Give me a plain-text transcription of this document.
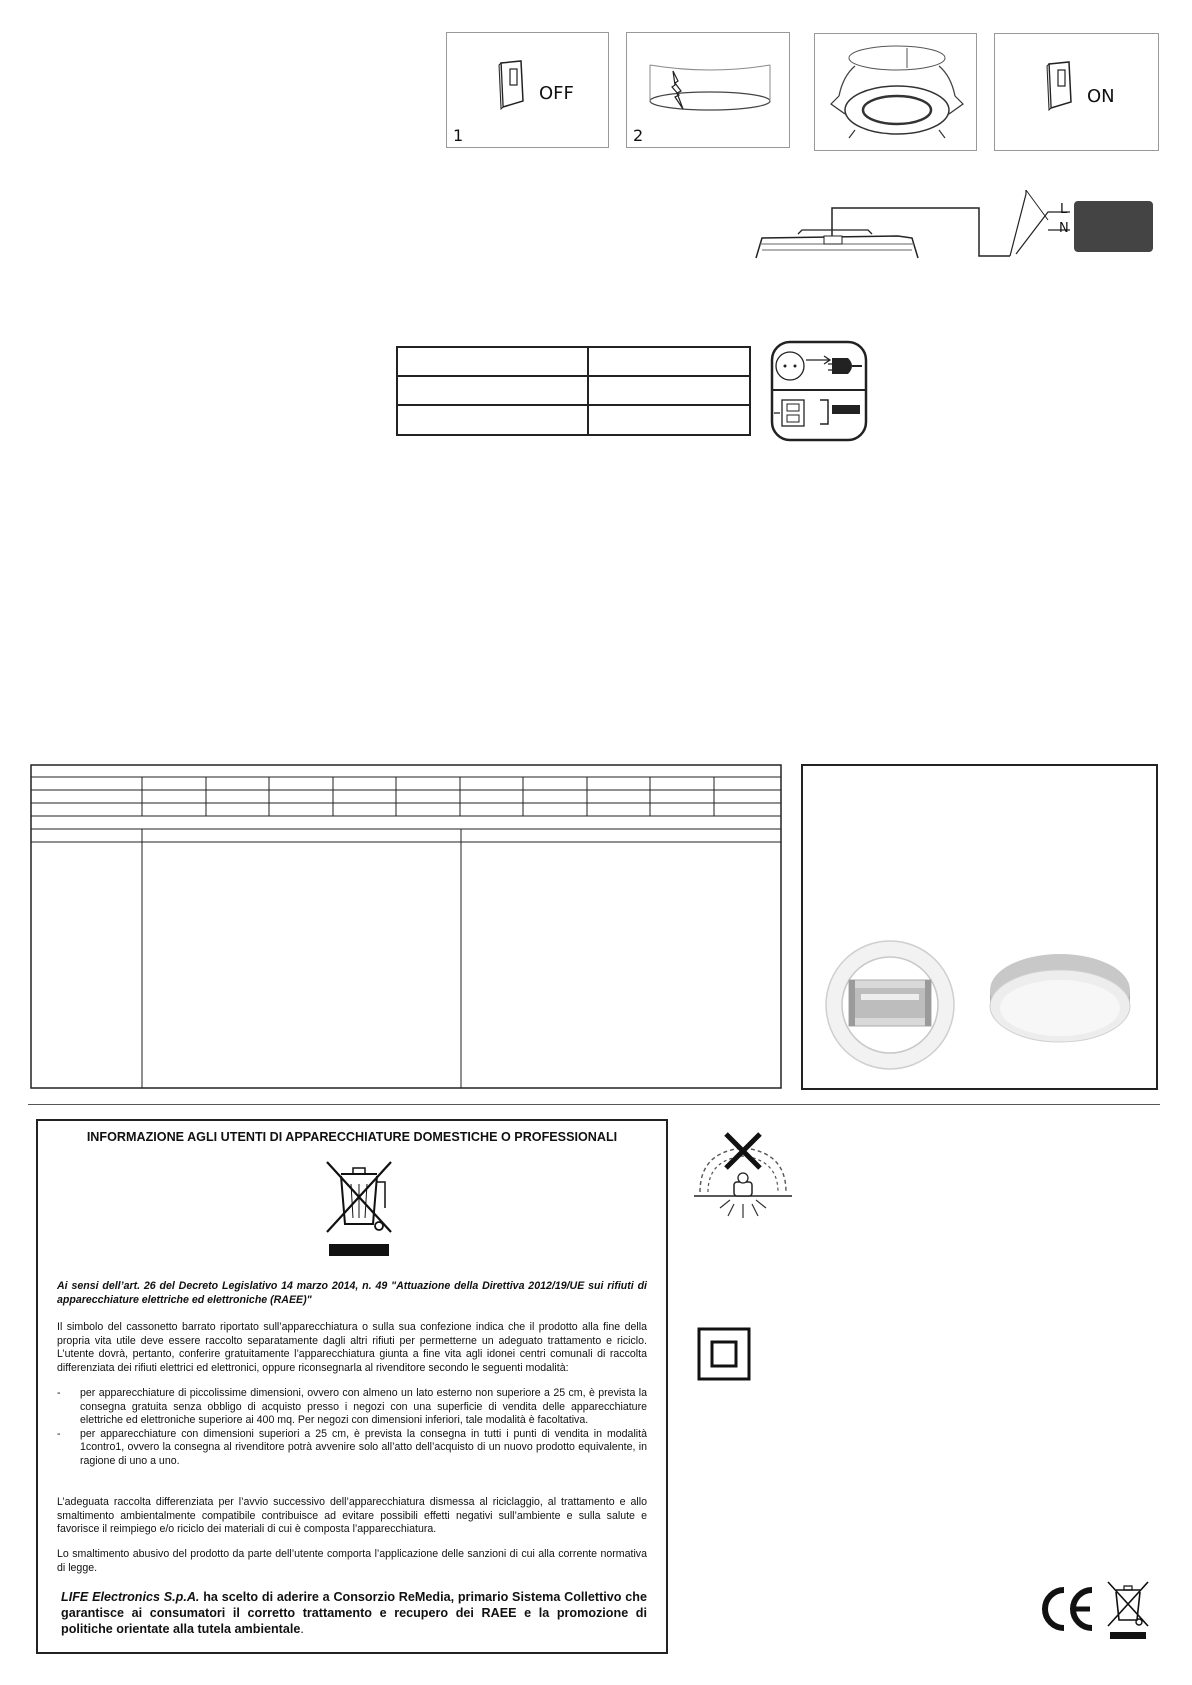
OFF
1	2
ON
L
N
INFORMAZIONE AGLI UTENTI DI APPARECCHIATURE DOMESTICHE O PROFESSIONALI
Ai sensi dell’art. 26 del Decreto Legislativo 14 marzo 2014, n. 49 "Attuazione della Direttiva 2012/19/UE sui rifiuti di apparecchiature elettriche ed elettroniche (RAEE)"
Il simbolo del cassonetto barrato riportato sull’apparecchiatura o sulla sua confezione indica che il prodotto alla fine della propria vita utile deve essere raccolto separatamente dagli altri rifiuti per permetterne un adeguato trattamento e riciclo. L’utente dovrà, pertanto, conferire gratuitamente l’apparecchiatura giunta a fine vita agli idonei centri comunali di raccolta differenziata dei rifiuti elettrici ed elettronici, oppure riconsegnarla al rivenditore secondo le seguenti modalità:
- per apparecchiature di piccolissime dimensioni, ovvero con almeno un lato esterno non superiore a 25 cm, è prevista la consegna gratuita senza obbligo di acquisto presso i negozi con una superficie di vendita delle apparecchiature elettriche ed elettroniche superiore ai 400 mq. Per negozi con dimensioni inferiori, tale modalità è facoltativa.
- per apparecchiature con dimensioni superiori a 25 cm, è prevista la consegna in tutti i punti di vendita in modalità 1contro1, ovvero la consegna al rivenditore potrà avvenire solo all’atto dell’acquisto di un nuovo prodotto equivalente, in ragione di uno a uno.
L’adeguata raccolta differenziata per l’avvio successivo dell’apparecchiatura dismessa al riciclaggio, al trattamento e allo smaltimento ambientalmente compatibile contribuisce ad evitare possibili effetti negativi sull’ambiente e sulla salute e favorisce il reimpiego e/o riciclo dei materiali di cui è composta l’apparecchiatura.
Lo smaltimento abusivo del prodotto da parte dell’utente comporta l’applicazione delle sanzioni di cui alla corrente normativa di legge.
LIFE Electronics S.p.A. ha scelto di aderire a Consorzio ReMedia, primario Sistema Collettivo che garantisce ai consumatori il corretto trattamento e recupero dei RAEE e la promozione di politiche orientate alla tutela ambientale.
